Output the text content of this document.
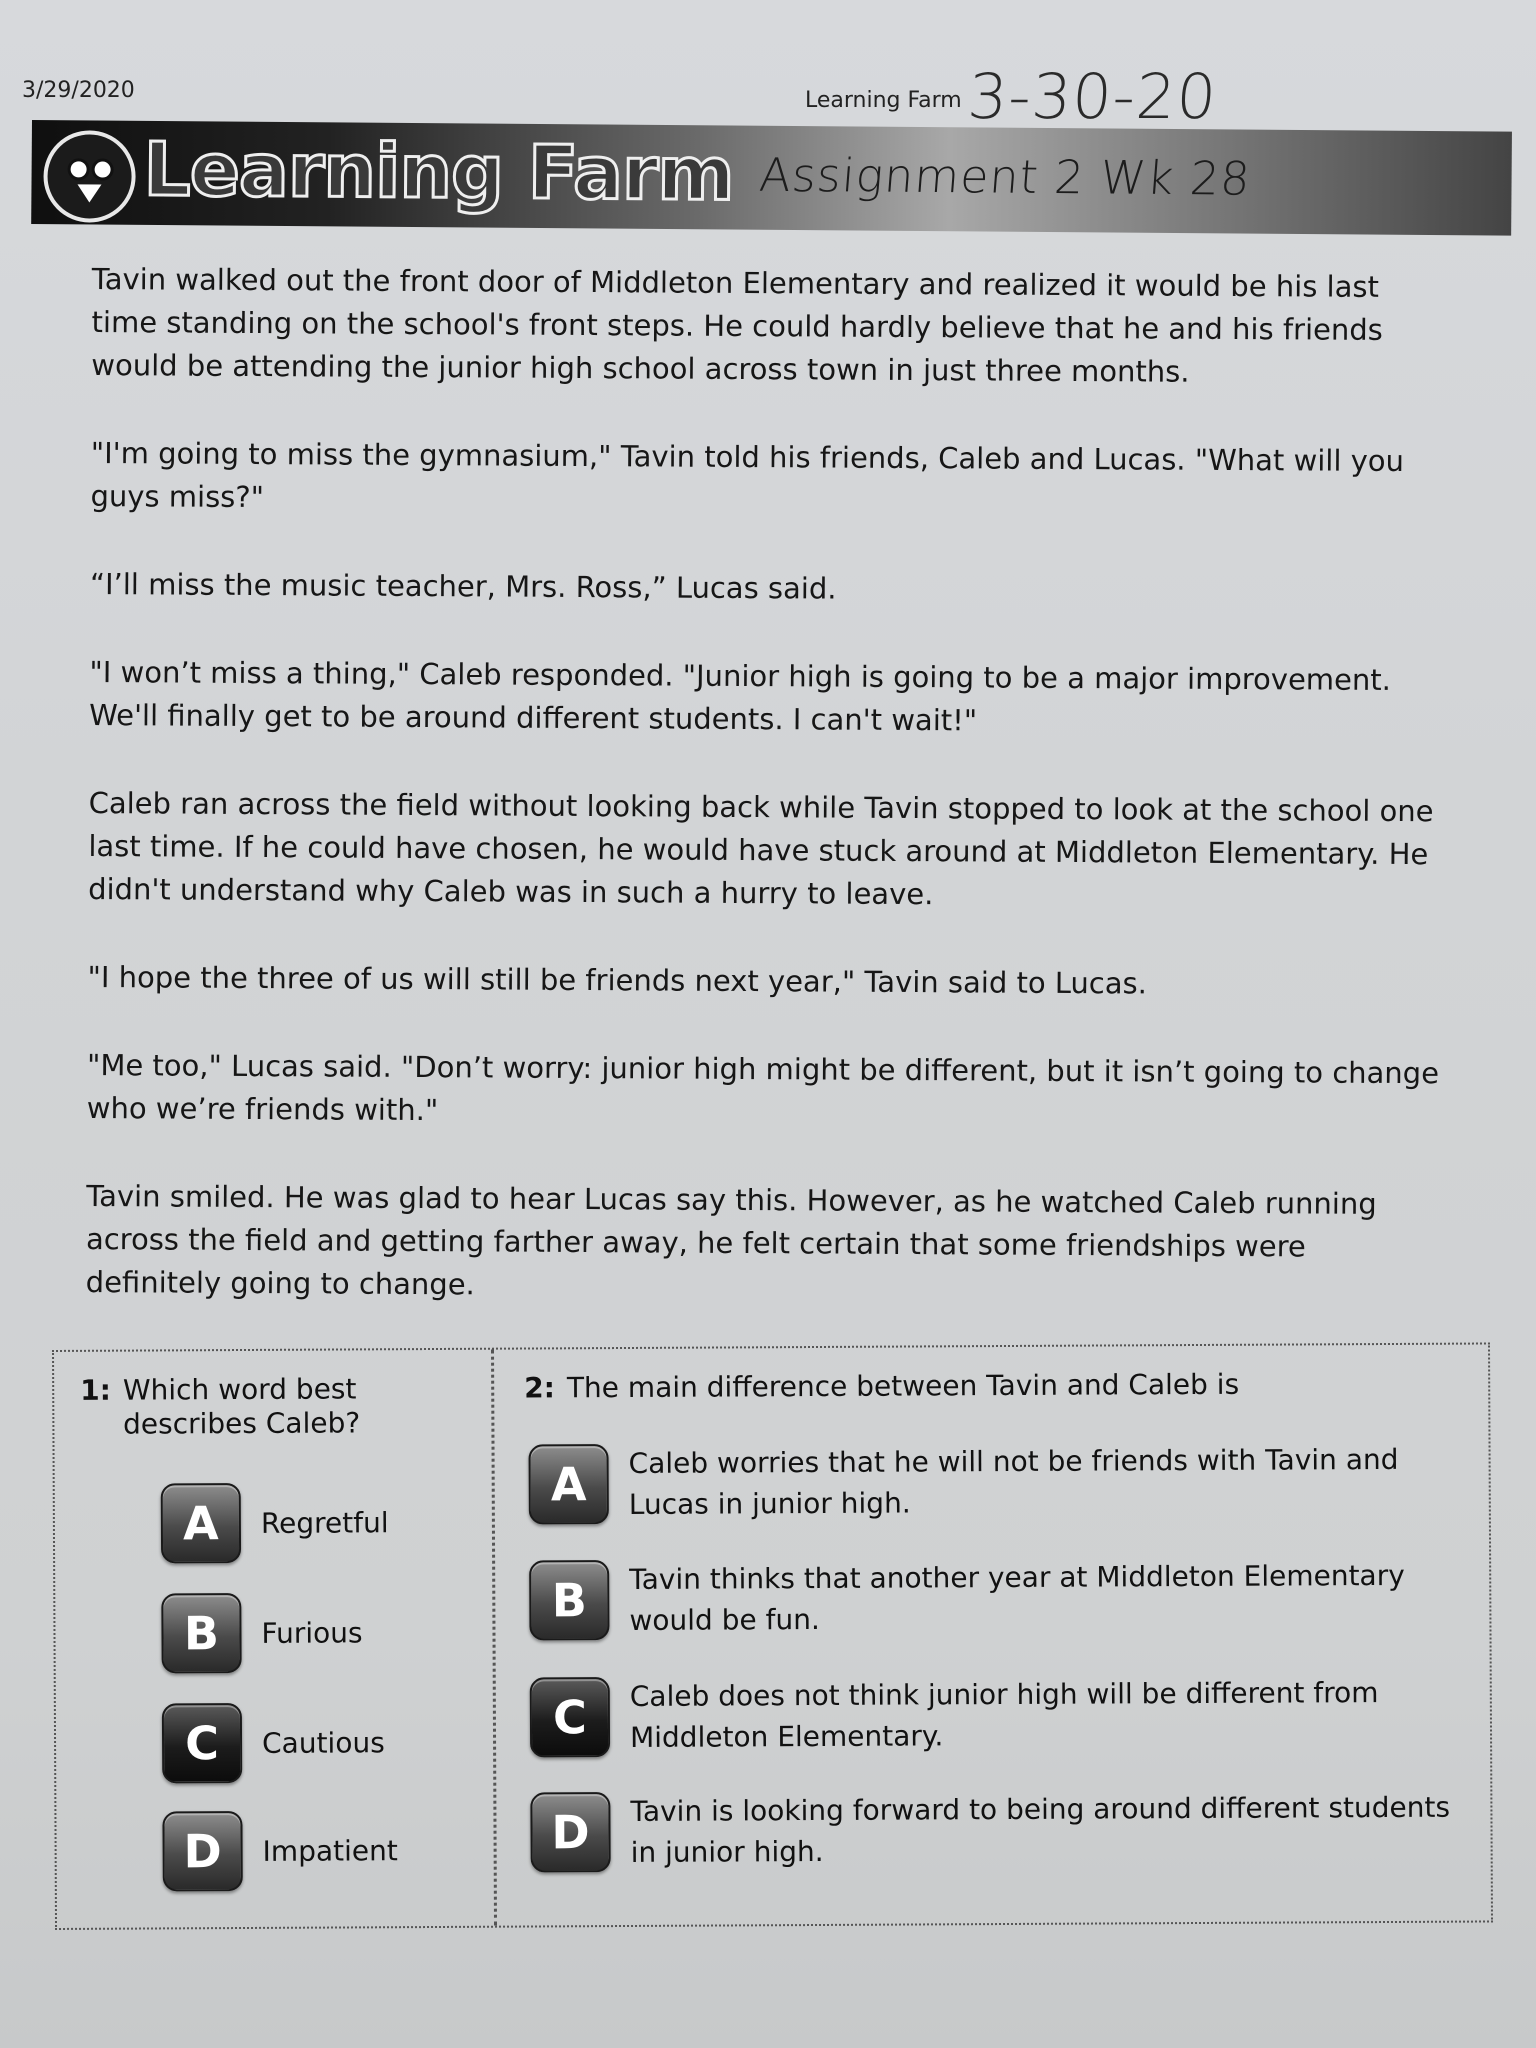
3/29/2020	Learning Farm 3-30-20
Learning Farm Assignment 2 Wk 28

Tavin walked out the front door of Middleton Elementary and realized it would be his last time standing on the school's front steps. He could hardly believe that he and his friends would be attending the junior high school across town in just three months.

"I'm going to miss the gymnasium," Tavin told his friends, Caleb and Lucas. "What will you guys miss?"

“I’ll miss the music teacher, Mrs. Ross,” Lucas said.

"I won’t miss a thing," Caleb responded. "Junior high is going to be a major improvement. We'll finally get to be around different students. I can't wait!"

Caleb ran across the field without looking back while Tavin stopped to look at the school one last time. If he could have chosen, he would have stuck around at Middleton Elementary. He didn't understand why Caleb was in such a hurry to leave.

"I hope the three of us will still be friends next year," Tavin said to Lucas.

"Me too," Lucas said. "Don’t worry: junior high might be different, but it isn’t going to change who we’re friends with."

Tavin smiled. He was glad to hear Lucas say this. However, as he watched Caleb running across the field and getting farther away, he felt certain that some friendships were definitely going to change.

1: Which word best describes Caleb?
A	Regretful
B	Furious
C	Cautious
D	Impatient
2: The main difference between Tavin and Caleb is
A	Caleb worries that he will not be friends with Tavin and Lucas in junior high.
B	Tavin thinks that another year at Middleton Elementary would be fun.
C	Caleb does not think junior high will be different from Middleton Elementary.
D	Tavin is looking forward to being around different students in junior high.
